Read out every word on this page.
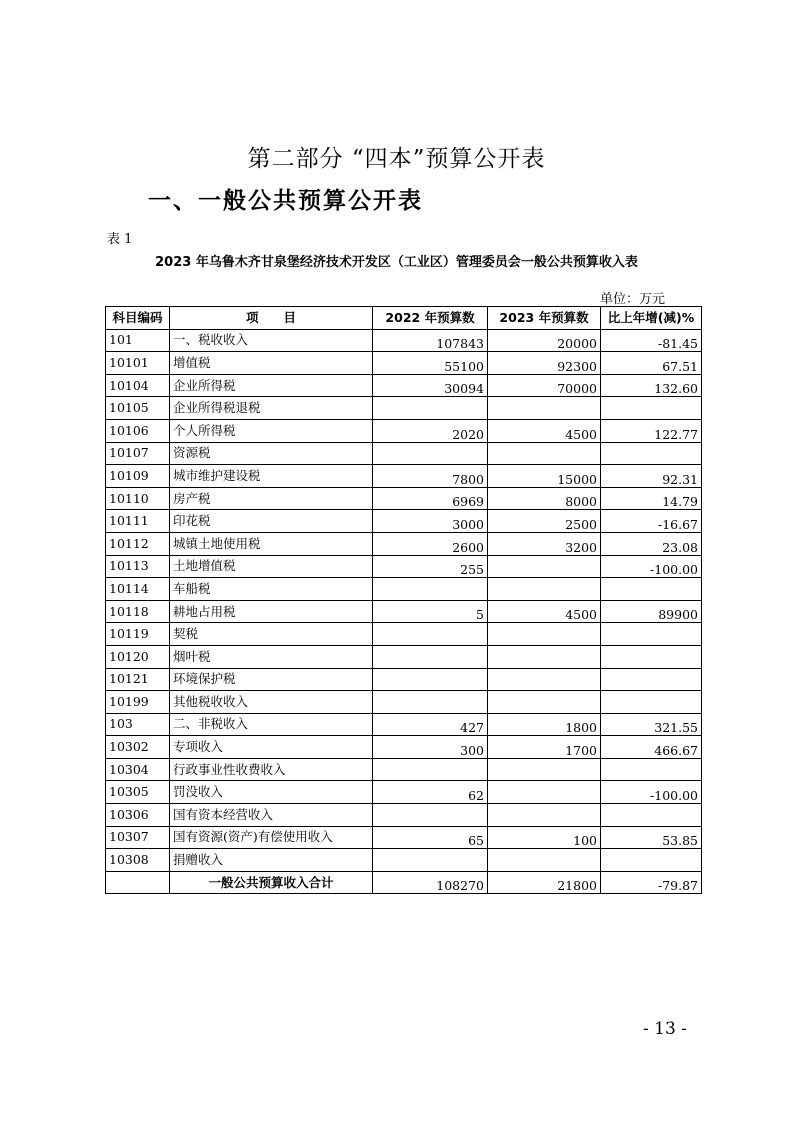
第二部分 “四本”预算公开表
一、一般公共预算公开表
表 1
2023 年乌鲁木齐甘泉堡经济技术开发区（工业区）管理委员会一般公共预算收入表
单位：万元
科目编码	项　　目	2022 年预算数	2023 年预算数	比上年增(减)%
101	一、税收收入	107843	20000	-81.45
10101	增值税	55100	92300	67.51
10104	企业所得税	30094	70000	132.60
10105	企业所得税退税			
10106	个人所得税	2020	4500	122.77
10107	资源税			
10109	城市维护建设税	7800	15000	92.31
10110	房产税	6969	8000	14.79
10111	印花税	3000	2500	-16.67
10112	城镇土地使用税	2600	3200	23.08
10113	土地增值税	255		-100.00
10114	车船税			
10118	耕地占用税	5	4500	89900
10119	契税			
10120	烟叶税			
10121	环境保护税			
10199	其他税收收入			
103	二、非税收入	427	1800	321.55
10302	专项收入	300	1700	466.67
10304	行政事业性收费收入			
10305	罚没收入	62		-100.00
10306	国有资本经营收入			
10307	国有资源(资产)有偿使用收入	65	100	53.85
10308	捐赠收入			
	一般公共预算收入合计	108270	21800	-79.87
- 13 -
